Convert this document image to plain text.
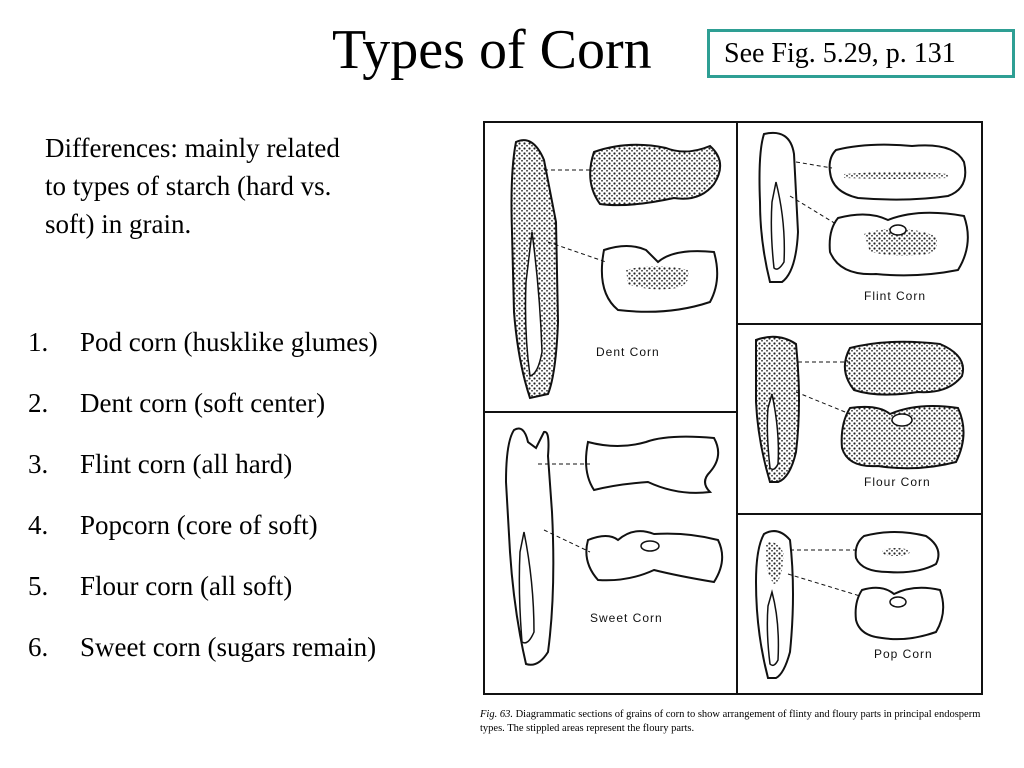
Types of Corn	See Fig. 5.29, p. 131
Differences: mainly related
to types of starch (hard vs.
soft) in grain.
1. Pod corn (husklike glumes)
2. Dent corn (soft center)
3. Flint corn (all hard)
4. Popcorn (core of soft)
5. Flour corn (all soft)
6. Sweet corn (sugars remain)
Dent Corn
Sweet Corn
Flint Corn
Flour Corn
Pop Corn
Fig. 63. Diagrammatic sections of grains of corn to show arrangement of flinty and floury parts in principal endosperm types. The stippled areas represent the floury parts.
